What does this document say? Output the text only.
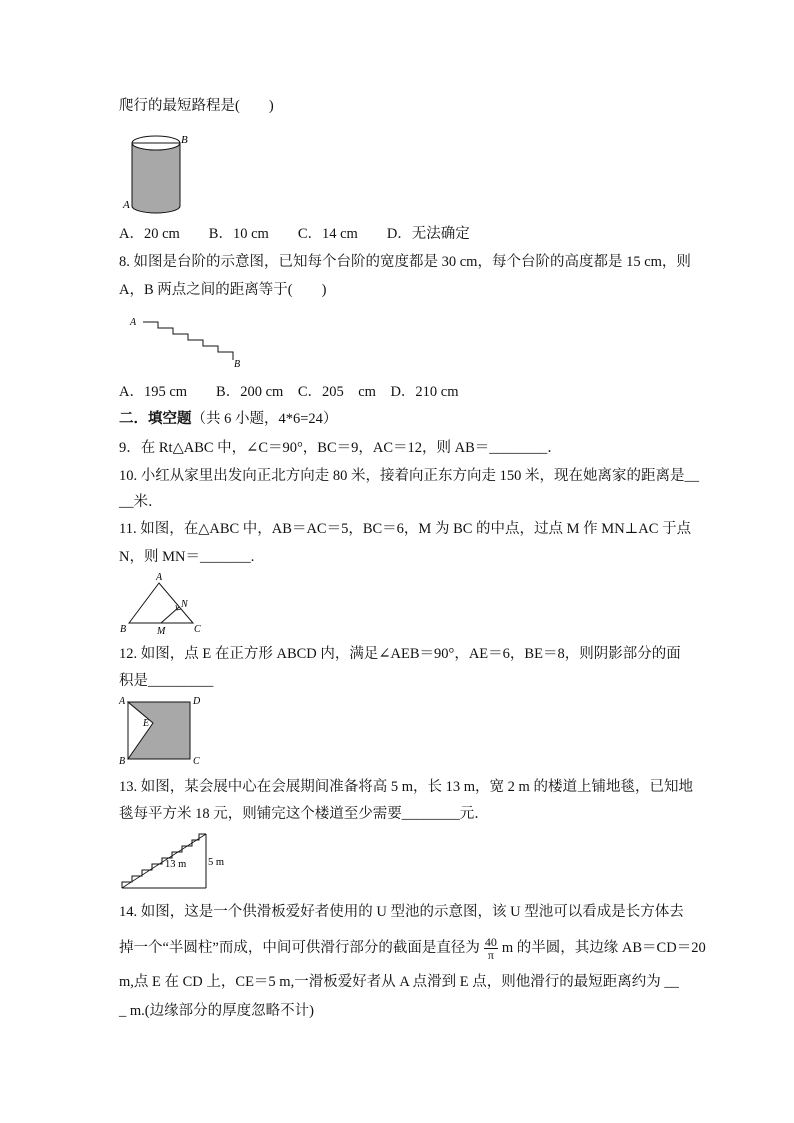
爬行的最短路程是(　　)
B
A
A．20 cm　　B．10 cm　　C．14 cm　　D．无法确定
8. 如图是台阶的示意图，已知每个台阶的宽度都是 30 cm，每个台阶的高度都是 15 cm，则
A，B 两点之间的距离等于(　　)
A
B
A．195 cm　　B．200 cm　C．205　cm　D．210 cm
二．填空题（共 6 小题，4*6=24）
9．在 Rt△ABC 中，∠C＝90°，BC＝9，AC＝12，则 AB＝________．
10. 小红从家里出发向正北方向走 80 米，接着向正东方向走 150 米，现在她离家的距离是__
__米．
11. 如图，在△ABC 中，AB＝AC＝5，BC＝6，M 为 BC 的中点，过点 M 作 MN⊥AC 于点
N，则 MN＝_______.
A
B	C
M
N
12. 如图，点 E 在正方形 ABCD 内，满足∠AEB＝90°，AE＝6，BE＝8，则阴影部分的面
积是_________
A	D
B	C
E
13. 如图，某会展中心在会展期间准备将高 5 m，长 13 m，宽 2 m 的楼道上铺地毯，已知地
毯每平方米 18 元，则铺完这个楼道至少需要________元．
13 m 5 m
14. 如图，这是一个供滑板爱好者使用的 U 型池的示意图，该 U 型池可以看成是长方体去
掉一个“半圆柱”而成，中间可供滑行部分的截面是直径为 $\frac{40}{\pi}$ m 的半圆，其边缘 AB＝CD＝20
m,点 E 在 CD 上，CE＝5 m,一滑板爱好者从 A 点滑到 E 点，则他滑行的最短距离约为 __
_ m.(边缘部分的厚度忽略不计)
